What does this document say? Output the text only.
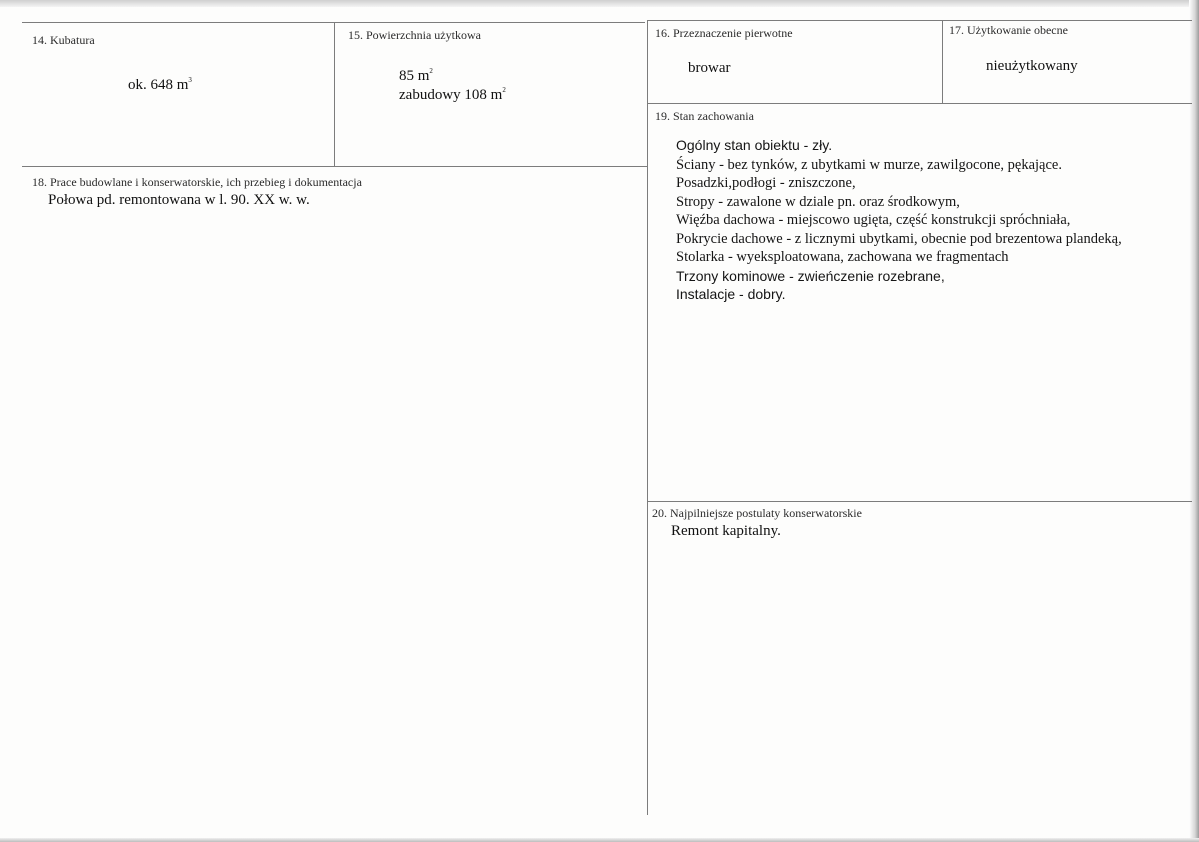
14. Kubatura
ok. 648 $m^3$
15. Powierzchnia użytkowa
85 $m^2$
zabudowy 108 $m^2$
16. Przeznaczenie pierwotne
browar
17. Użytkowanie obecne
nieużytkowany
18. Prace budowlane i konserwatorskie, ich przebieg i dokumentacja
Połowa pd. remontowana w l. 90. XX w. w.
19. Stan zachowania
Ogólny stan obiektu - zły.
Ściany - bez tynków, z ubytkami w murze, zawilgocone, pękające.
Posadzki,podłogi - zniszczone,
Stropy - zawalone w dziale pn. oraz środkowym,
Więźba dachowa - miejscowo ugięta, część konstrukcji spróchniała,
Pokrycie dachowe - z licznymi ubytkami, obecnie pod brezentowa plandeką,
Stolarka - wyeksploatowana, zachowana we fragmentach
Trzony kominowe - zwieńczenie rozebrane,
Instalacje - dobry.
20. Najpilniejsze postulaty konserwatorskie
Remont kapitalny.
